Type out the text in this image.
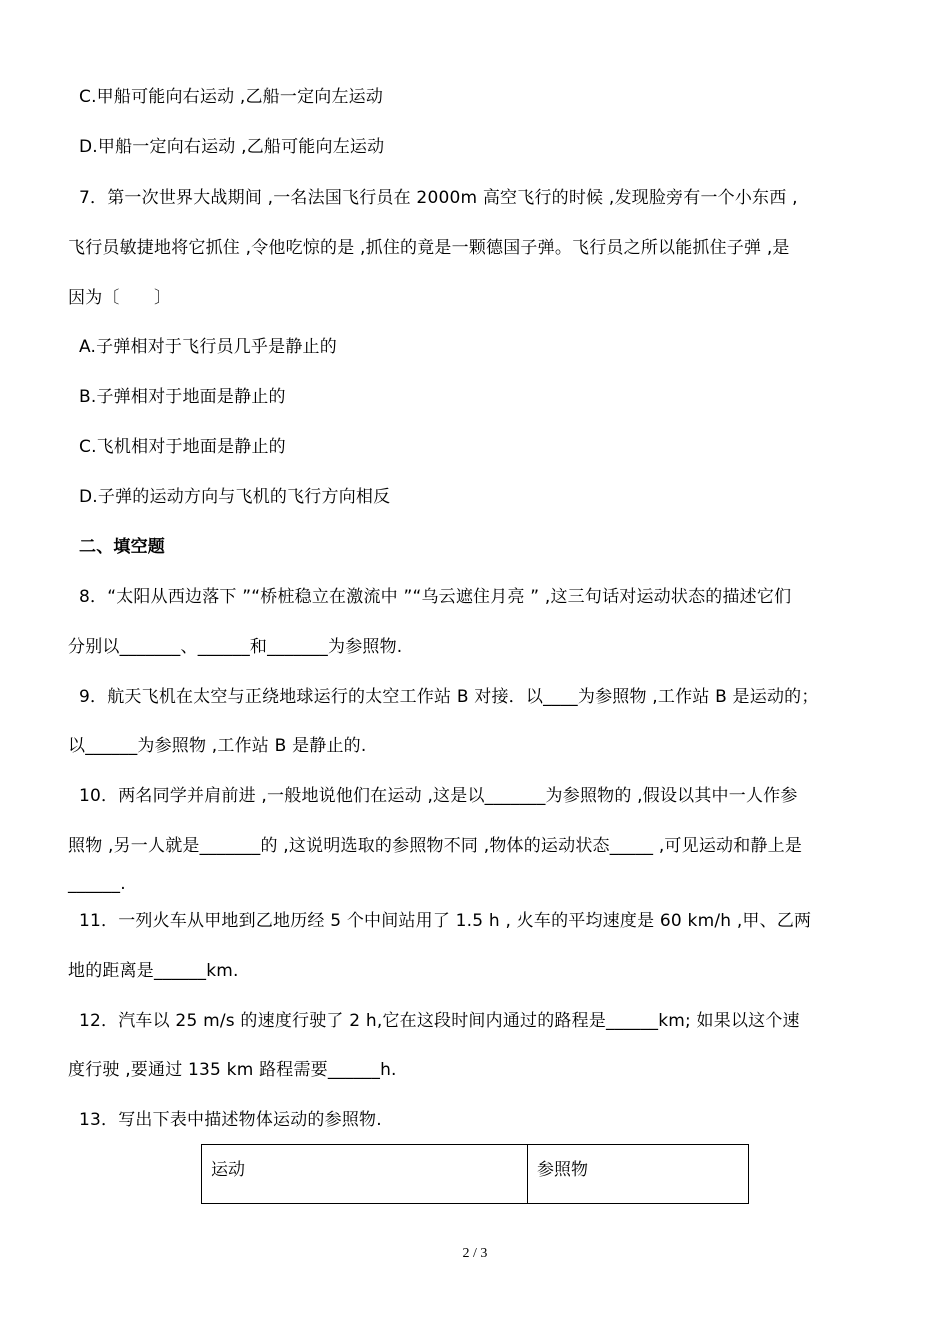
C.甲船可能向右运动 ,乙船一定向左运动
D.甲船一定向右运动 ,乙船可能向左运动
7．第一次世界大战期间 ,一名法国飞行员在 2000m 高空飞行的时候 ,发现脸旁有一个小东西 ,
飞行员敏捷地将它抓住 ,令他吃惊的是 ,抓住的竟是一颗德国子弹。飞行员之所以能抓住子弹 ,是
因为〔　　〕
A.子弹相对于飞行员几乎是静止的
B.子弹相对于地面是静止的
C.飞机相对于地面是静止的
D.子弹的运动方向与飞机的飞行方向相反
二、填空题
8．“太阳从西边落下 ”“桥桩稳立在激流中 ”“乌云遮住月亮 ” ,这三句话对运动状态的描述它们
分别以_______、______和_______为参照物.
9．航天飞机在太空与正绕地球运行的太空工作站 B 对接．以____为参照物 ,工作站 B 是运动的；
以______为参照物 ,工作站 B 是静止的.
10．两名同学并肩前进 ,一般地说他们在运动 ,这是以_______为参照物的 ,假设以其中一人作参
照物 ,另一人就是_______的 ,这说明选取的参照物不同 ,物体的运动状态_____ ,可见运动和静上是
______.
11．一列火车从甲地到乙地历经 5 个中间站用了 1.5 h , 火车的平均速度是 60 km/h ,甲、乙两
地的距离是______km.
12．汽车以 25 m/s 的速度行驶了 2 h,它在这段时间内通过的路程是______km; 如果以这个速
度行驶 ,要通过 135 km 路程需要______h.
13．写出下表中描述物体运动的参照物.
运动	参照物
2 / 3
